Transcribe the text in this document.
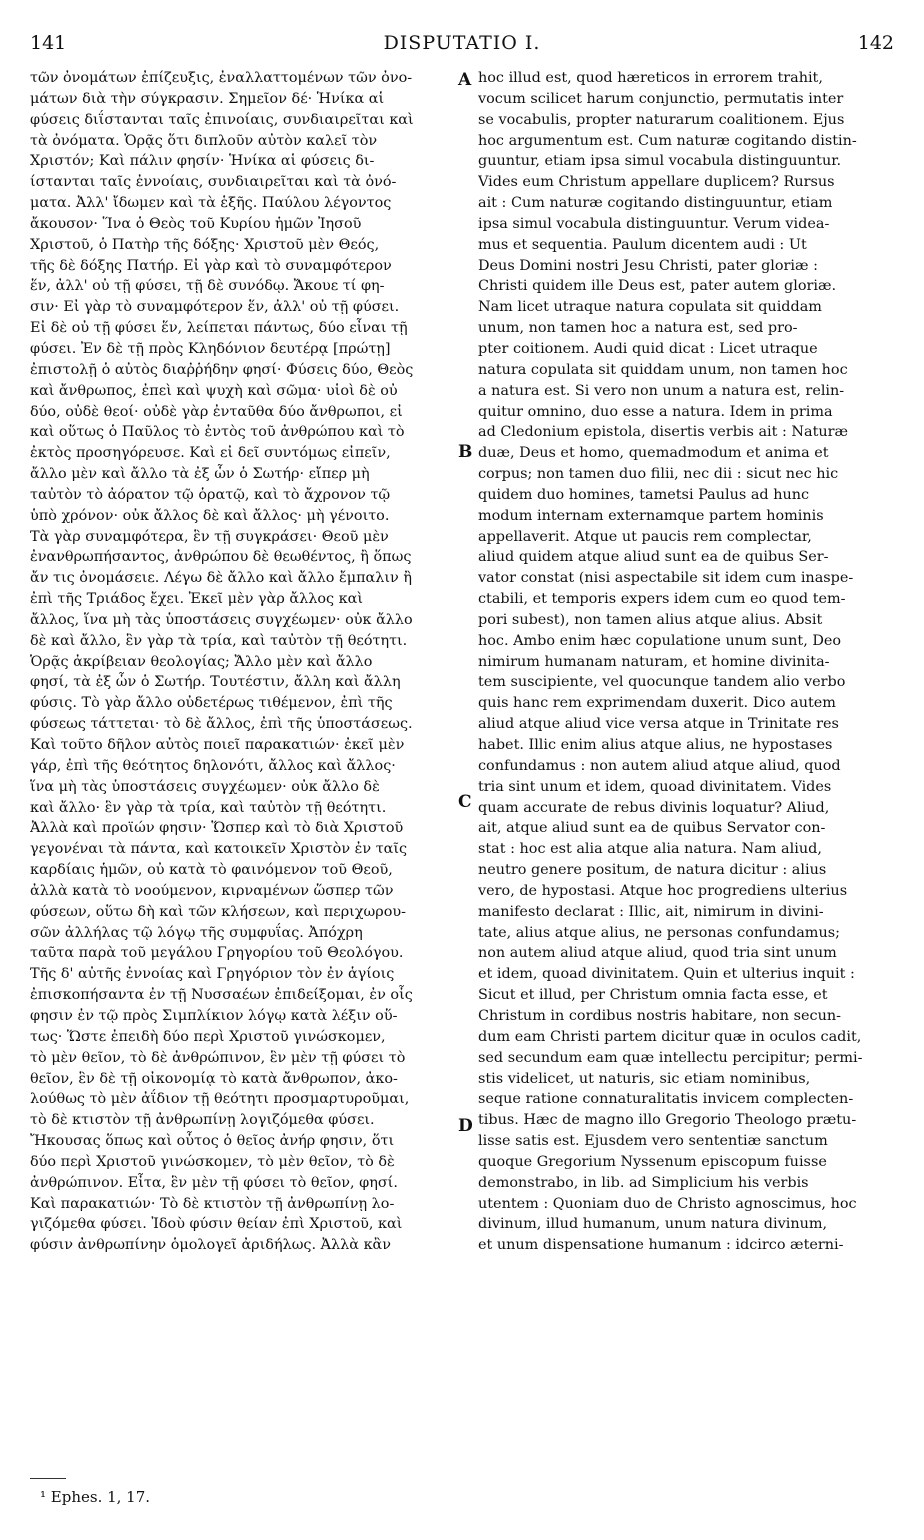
141	DISPUTATIO I.	142
τῶν ὀνομάτων ἐπίζευξις, ἐναλλαττομένων τῶν ὀνο-
μάτων διὰ τὴν σύγκρασιν. Σημεῖον δέ· Ἡνίκα αἱ
φύσεις διΐστανται ταῖς ἐπινοίαις, συνδιαιρεῖται καὶ
τὰ ὀνόματα. Ὁρᾷς ὅτι διπλοῦν αὐτὸν καλεῖ τὸν
Χριστόν; Καὶ πάλιν φησίν· Ἡνίκα αἱ φύσεις δι-
ίστανται ταῖς ἐννοίαις, συνδιαιρεῖται καὶ τὰ ὀνό-
ματα. Ἀλλ' ἴδωμεν καὶ τὰ ἑξῆς. Παύλου λέγοντος
ἄκουσον· Ἵνα ὁ Θεὸς τοῦ Κυρίου ἡμῶν Ἰησοῦ
Χριστοῦ, ὁ Πατὴρ τῆς δόξης· Χριστοῦ μὲν Θεός,
τῆς δὲ δόξης Πατήρ. Εἰ γὰρ καὶ τὸ συναμφότερον
ἕν, ἀλλ' οὐ τῇ φύσει, τῇ δὲ συνόδῳ. Ἄκουε τί φη-
σιν· Εἰ γὰρ τὸ συναμφότερον ἕν, ἀλλ' οὐ τῇ φύσει.
Εἰ δὲ οὐ τῇ φύσει ἕν, λείπεται πάντως, δύο εἶναι τῇ
φύσει. Ἐν δὲ τῇ πρὸς Κληδόνιον δευτέρᾳ [πρώτῃ]
ἐπιστολῇ ὁ αὐτὸς διαῤῥήδην φησί· Φύσεις δύο, Θεὸς
καὶ ἄνθρωπος, ἐπεὶ καὶ ψυχὴ καὶ σῶμα· υἱοὶ δὲ οὐ
δύο, οὐδὲ θεοί· οὐδὲ γὰρ ἐνταῦθα δύο ἄνθρωποι, εἰ
καὶ οὕτως ὁ Παῦλος τὸ ἐντὸς τοῦ ἀνθρώπου καὶ τὸ
ἐκτὸς προσηγόρευσε. Καὶ εἰ δεῖ συντόμως εἰπεῖν,
ἄλλο μὲν καὶ ἄλλο τὰ ἐξ ὧν ὁ Σωτήρ· εἴπερ μὴ
ταὐτὸν τὸ ἀόρατον τῷ ὁρατῷ, καὶ τὸ ἄχρονον τῷ
ὑπὸ χρόνον· οὐκ ἄλλος δὲ καὶ ἄλλος· μὴ γένοιτο.
Τὰ γὰρ συναμφότερα, ἓν τῇ συγκράσει· Θεοῦ μὲν
ἐνανθρωπήσαντος, ἀνθρώπου δὲ θεωθέντος, ἢ ὅπως
ἄν τις ὀνομάσειε. Λέγω δὲ ἄλλο καὶ ἄλλο ἔμπαλιν ἢ
ἐπὶ τῆς Τριάδος ἔχει. Ἐκεῖ μὲν γὰρ ἄλλος καὶ
ἄλλος, ἵνα μὴ τὰς ὑποστάσεις συγχέωμεν· οὐκ ἄλλο
δὲ καὶ ἄλλο, ἓν γὰρ τὰ τρία, καὶ ταὐτὸν τῇ θεότητι.
Ὁρᾷς ἀκρίβειαν θεολογίας; Ἄλλο μὲν καὶ ἄλλο
φησί, τὰ ἐξ ὧν ὁ Σωτήρ. Τουτέστιν, ἄλλη καὶ ἄλλη
φύσις. Τὸ γὰρ ἄλλο οὐδετέρως τιθέμενον, ἐπὶ τῆς
φύσεως τάττεται· τὸ δὲ ἄλλος, ἐπὶ τῆς ὑποστάσεως.
Καὶ τοῦτο δῆλον αὐτὸς ποιεῖ παρακατιών· ἐκεῖ μὲν
γάρ, ἐπὶ τῆς θεότητος δηλονότι, ἄλλος καὶ ἄλλος·
ἵνα μὴ τὰς ὑποστάσεις συγχέωμεν· οὐκ ἄλλο δὲ
καὶ ἄλλο· ἓν γὰρ τὰ τρία, καὶ ταὐτὸν τῇ θεότητι.
Ἀλλὰ καὶ προϊών φησιν· Ὥσπερ καὶ τὸ διὰ Χριστοῦ
γεγονέναι τὰ πάντα, καὶ κατοικεῖν Χριστὸν ἐν ταῖς
καρδίαις ἡμῶν, οὐ κατὰ τὸ φαινόμενον τοῦ Θεοῦ,
ἀλλὰ κατὰ τὸ νοούμενον, κιρναμένων ὥσπερ τῶν
φύσεων, οὕτω δὴ καὶ τῶν κλήσεων, καὶ περιχωρου-
σῶν ἀλλήλας τῷ λόγῳ τῆς συμφυΐας. Ἀπόχρη
ταῦτα παρὰ τοῦ μεγάλου Γρηγορίου τοῦ Θεολόγου.
Τῆς δ' αὐτῆς ἐννοίας καὶ Γρηγόριον τὸν ἐν ἁγίοις
ἐπισκοπήσαντα ἐν τῇ Νυσσαέων ἐπιδείξομαι, ἐν οἷς
φησιν ἐν τῷ πρὸς Σιμπλίκιον λόγῳ κατὰ λέξιν οὕ-
τως· Ὥστε ἐπειδὴ δύο περὶ Χριστοῦ γινώσκομεν,
τὸ μὲν θεῖον, τὸ δὲ ἀνθρώπινον, ἓν μὲν τῇ φύσει τὸ
θεῖον, ἓν δὲ τῇ οἰκονομίᾳ τὸ κατὰ ἄνθρωπον, ἀκο-
λούθως τὸ μὲν ἀΐδιον τῇ θεότητι προσμαρτυροῦμαι,
τὸ δὲ κτιστὸν τῇ ἀνθρωπίνῃ λογιζόμεθα φύσει.
Ἤκουσας ὅπως καὶ οὗτος ὁ θεῖος ἀνήρ φησιν, ὅτι
δύο περὶ Χριστοῦ γινώσκομεν, τὸ μὲν θεῖον, τὸ δὲ
ἀνθρώπινον. Εἶτα, ἓν μὲν τῇ φύσει τὸ θεῖον, φησί.
Καὶ παρακατιών· Τὸ δὲ κτιστὸν τῇ ἀνθρωπίνῃ λο-
γιζόμεθα φύσει. Ἰδοὺ φύσιν θείαν ἐπὶ Χριστοῦ, καὶ
φύσιν ἀνθρωπίνην ὁμολογεῖ ἀριδήλως. Ἀλλὰ κἂν
hoc illud est, quod hæreticos in errorem trahit,
vocum scilicet harum conjunctio, permutatis inter
se vocabulis, propter naturarum coalitionem. Ejus
hoc argumentum est. Cum naturæ cogitando distin-
guuntur, etiam ipsa simul vocabula distinguuntur.
Vides eum Christum appellare duplicem? Rursus
ait : Cum naturæ cogitando distinguuntur, etiam
ipsa simul vocabula distinguuntur. Verum videa-
mus et sequentia. Paulum dicentem audi : Ut
Deus Domini nostri Jesu Christi, pater gloriæ :
Christi quidem ille Deus est, pater autem gloriæ.
Nam licet utraque natura copulata sit quiddam
unum, non tamen hoc a natura est, sed pro-
pter coitionem. Audi quid dicat : Licet utraque
natura copulata sit quiddam unum, non tamen hoc
a natura est. Si vero non unum a natura est, relin-
quitur omnino, duo esse a natura. Idem in prima
ad Cledonium epistola, disertis verbis ait : Naturæ
duæ, Deus et homo, quemadmodum et anima et
corpus; non tamen duo filii, nec dii : sicut nec hic
quidem duo homines, tametsi Paulus ad hunc
modum internam externamque partem hominis
appellaverit. Atque ut paucis rem complectar,
aliud quidem atque aliud sunt ea de quibus Ser-
vator constat (nisi aspectabile sit idem cum inaspe-
ctabili, et temporis expers idem cum eo quod tem-
pori subest), non tamen alius atque alius. Absit
hoc. Ambo enim hæc copulatione unum sunt, Deo
nimirum humanam naturam, et homine divinita-
tem suscipiente, vel quocunque tandem alio verbo
quis hanc rem exprimendam duxerit. Dico autem
aliud atque aliud vice versa atque in Trinitate res
habet. Illic enim alius atque alius, ne hypostases
confundamus : non autem aliud atque aliud, quod
tria sint unum et idem, quoad divinitatem. Vides
quam accurate de rebus divinis loquatur? Aliud,
ait, atque aliud sunt ea de quibus Servator con-
stat : hoc est alia atque alia natura. Nam aliud,
neutro genere positum, de natura dicitur : alius
vero, de hypostasi. Atque hoc progrediens ulterius
manifesto declarat : Illic, ait, nimirum in divini-
tate, alius atque alius, ne personas confundamus;
non autem aliud atque aliud, quod tria sint unum
et idem, quoad divinitatem. Quin et ulterius inquit :
Sicut et illud, per Christum omnia facta esse, et
Christum in cordibus nostris habitare, non secun-
dum eam Christi partem dicitur quæ in oculos cadit,
sed secundum eam quæ intellectu percipitur; permi-
stis videlicet, ut naturis, sic etiam nominibus,
seque ratione connaturalitatis invicem complecten-
tibus. Hæc de magno illo Gregorio Theologo prætu-
lisse satis est. Ejusdem vero sententiæ sanctum
quoque Gregorium Nyssenum episcopum fuisse
demonstrabo, in lib. ad Simplicium his verbis
utentem : Quoniam duo de Christo agnoscimus, hoc
divinum, illud humanum, unum natura divinum,
et unum dispensatione humanum : idcirco æterni-
A
B
C
D
¹ Ephes. 1, 17.
